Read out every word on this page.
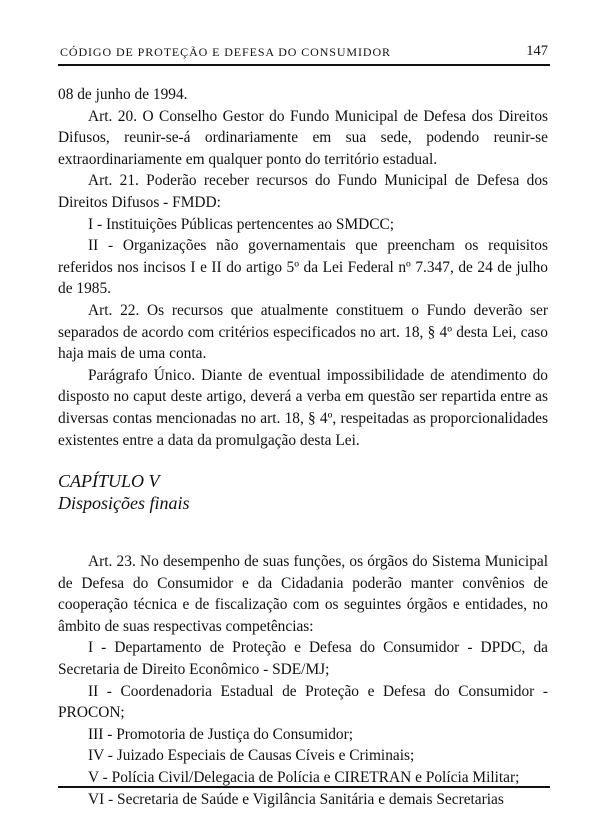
CÓDIGO DE PROTEÇÃO E DEFESA DO CONSUMIDOR	147

08 de junho de 1994.

Art. 20. O Conselho Gestor do Fundo Municipal de Defesa dos Direitos Difusos, reunir-se-á ordinariamente em sua sede, podendo reunir-se extraordinariamente em qualquer ponto do território estadual.

Art. 21. Poderão receber recursos do Fundo Municipal de Defesa dos Direitos Difusos - FMDD:

I - Instituições Públicas pertencentes ao SMDCC;

II - Organizações não governamentais que preencham os requisitos referidos nos incisos I e II do artigo 5º da Lei Federal nº 7.347, de 24 de julho de 1985.

Art. 22. Os recursos que atualmente constituem o Fundo deverão ser separados de acordo com critérios especificados no art. 18, § 4º desta Lei, caso haja mais de uma conta.

Parágrafo Único. Diante de eventual impossibilidade de atendimento do disposto no caput deste artigo, deverá a verba em questão ser repartida entre as diversas contas mencionadas no art. 18, § 4º, respeitadas as proporcionalidades existentes entre a data da promulgação desta Lei.

CAPÍTULO V

Disposições finais

Art. 23. No desempenho de suas funções, os órgãos do Sistema Municipal de Defesa do Consumidor e da Cidadania poderão manter convênios de cooperação técnica e de fiscalização com os seguintes órgãos e entidades, no âmbito de suas respectivas competências:

I - Departamento de Proteção e Defesa do Consumidor - DPDC, da Secretaria de Direito Econômico - SDE/MJ;

II - Coordenadoria Estadual de Proteção e Defesa do Consumidor - PROCON;

III - Promotoria de Justiça do Consumidor;

IV - Juizado Especiais de Causas Cíveis e Criminais;

V - Polícia Civil/Delegacia de Polícia e CIRETRAN e Polícia Militar;

VI - Secretaria de Saúde e Vigilância Sanitária e demais Secretarias
